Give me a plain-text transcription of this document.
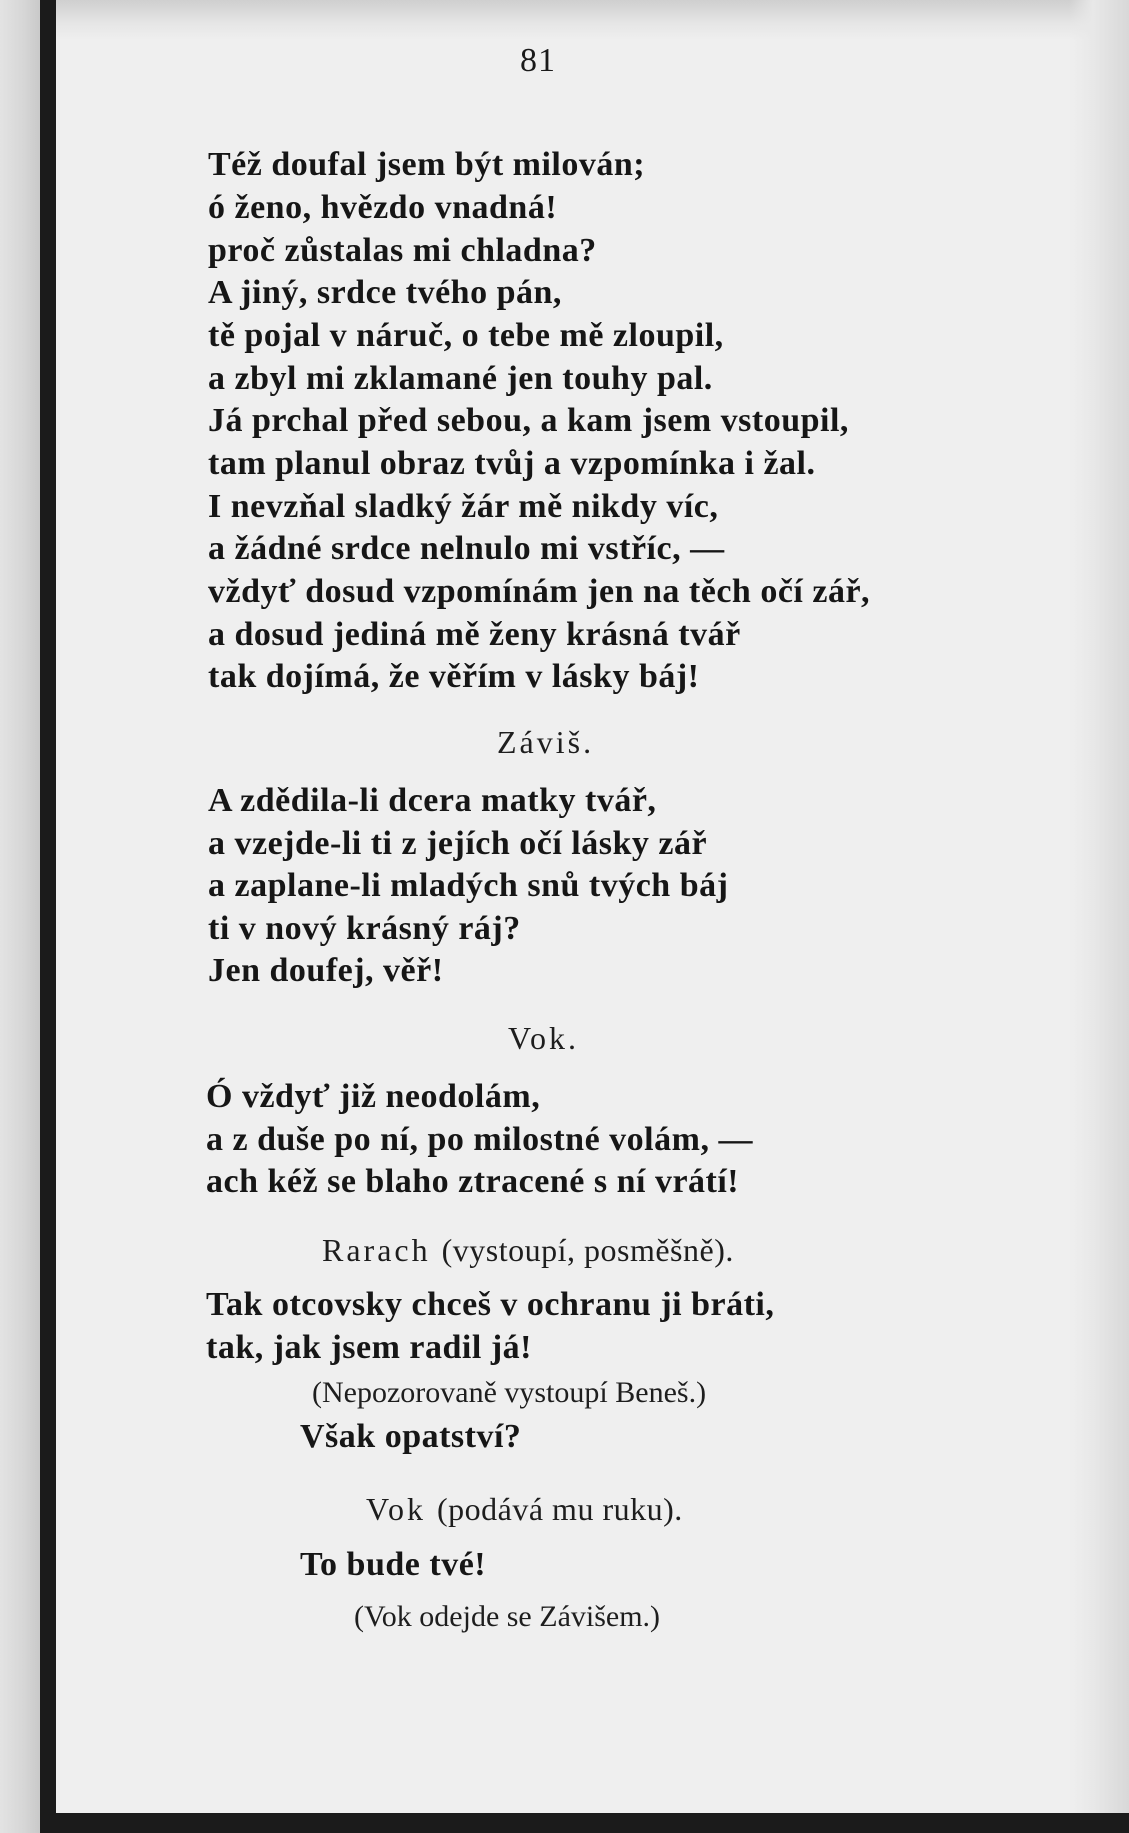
81
Též doufal jsem být milován;
ó ženo, hvězdo vnadná!
proč zůstalas mi chladna?
A jiný, srdce tvého pán,
tě pojal v náruč, o tebe mě zloupil,
a zbyl mi zklamané jen touhy pal.
Já prchal před sebou, a kam jsem vstoupil,
tam planul obraz tvůj a vzpomínka i žal.
I nevzňal sladký žár mě nikdy víc,
a žádné srdce nelnulo mi vstříc, —
vždyť dosud vzpomínám jen na těch očí zář,
a dosud jediná mě ženy krásná tvář
tak dojímá, že věřím v lásky báj!
Záviš.
A zdědila-li dcera matky tvář,
a vzejde-li ti z jejích očí lásky zář
a zaplane-li mladých snů tvých báj
ti v nový krásný ráj?
Jen doufej, věř!
Vok.
Ó vždyť již neodolám,
a z duše po ní, po milostné volám, —
ach kéž se blaho ztracené s ní vrátí!
Rarach (vystoupí, posměšně).
Tak otcovsky chceš v ochranu ji bráti,
tak, jak jsem radil já!
(Nepozorovaně vystoupí Beneš.)
Však opatství?
Vok (podává mu ruku).
To bude tvé!
(Vok odejde se Závišem.)
